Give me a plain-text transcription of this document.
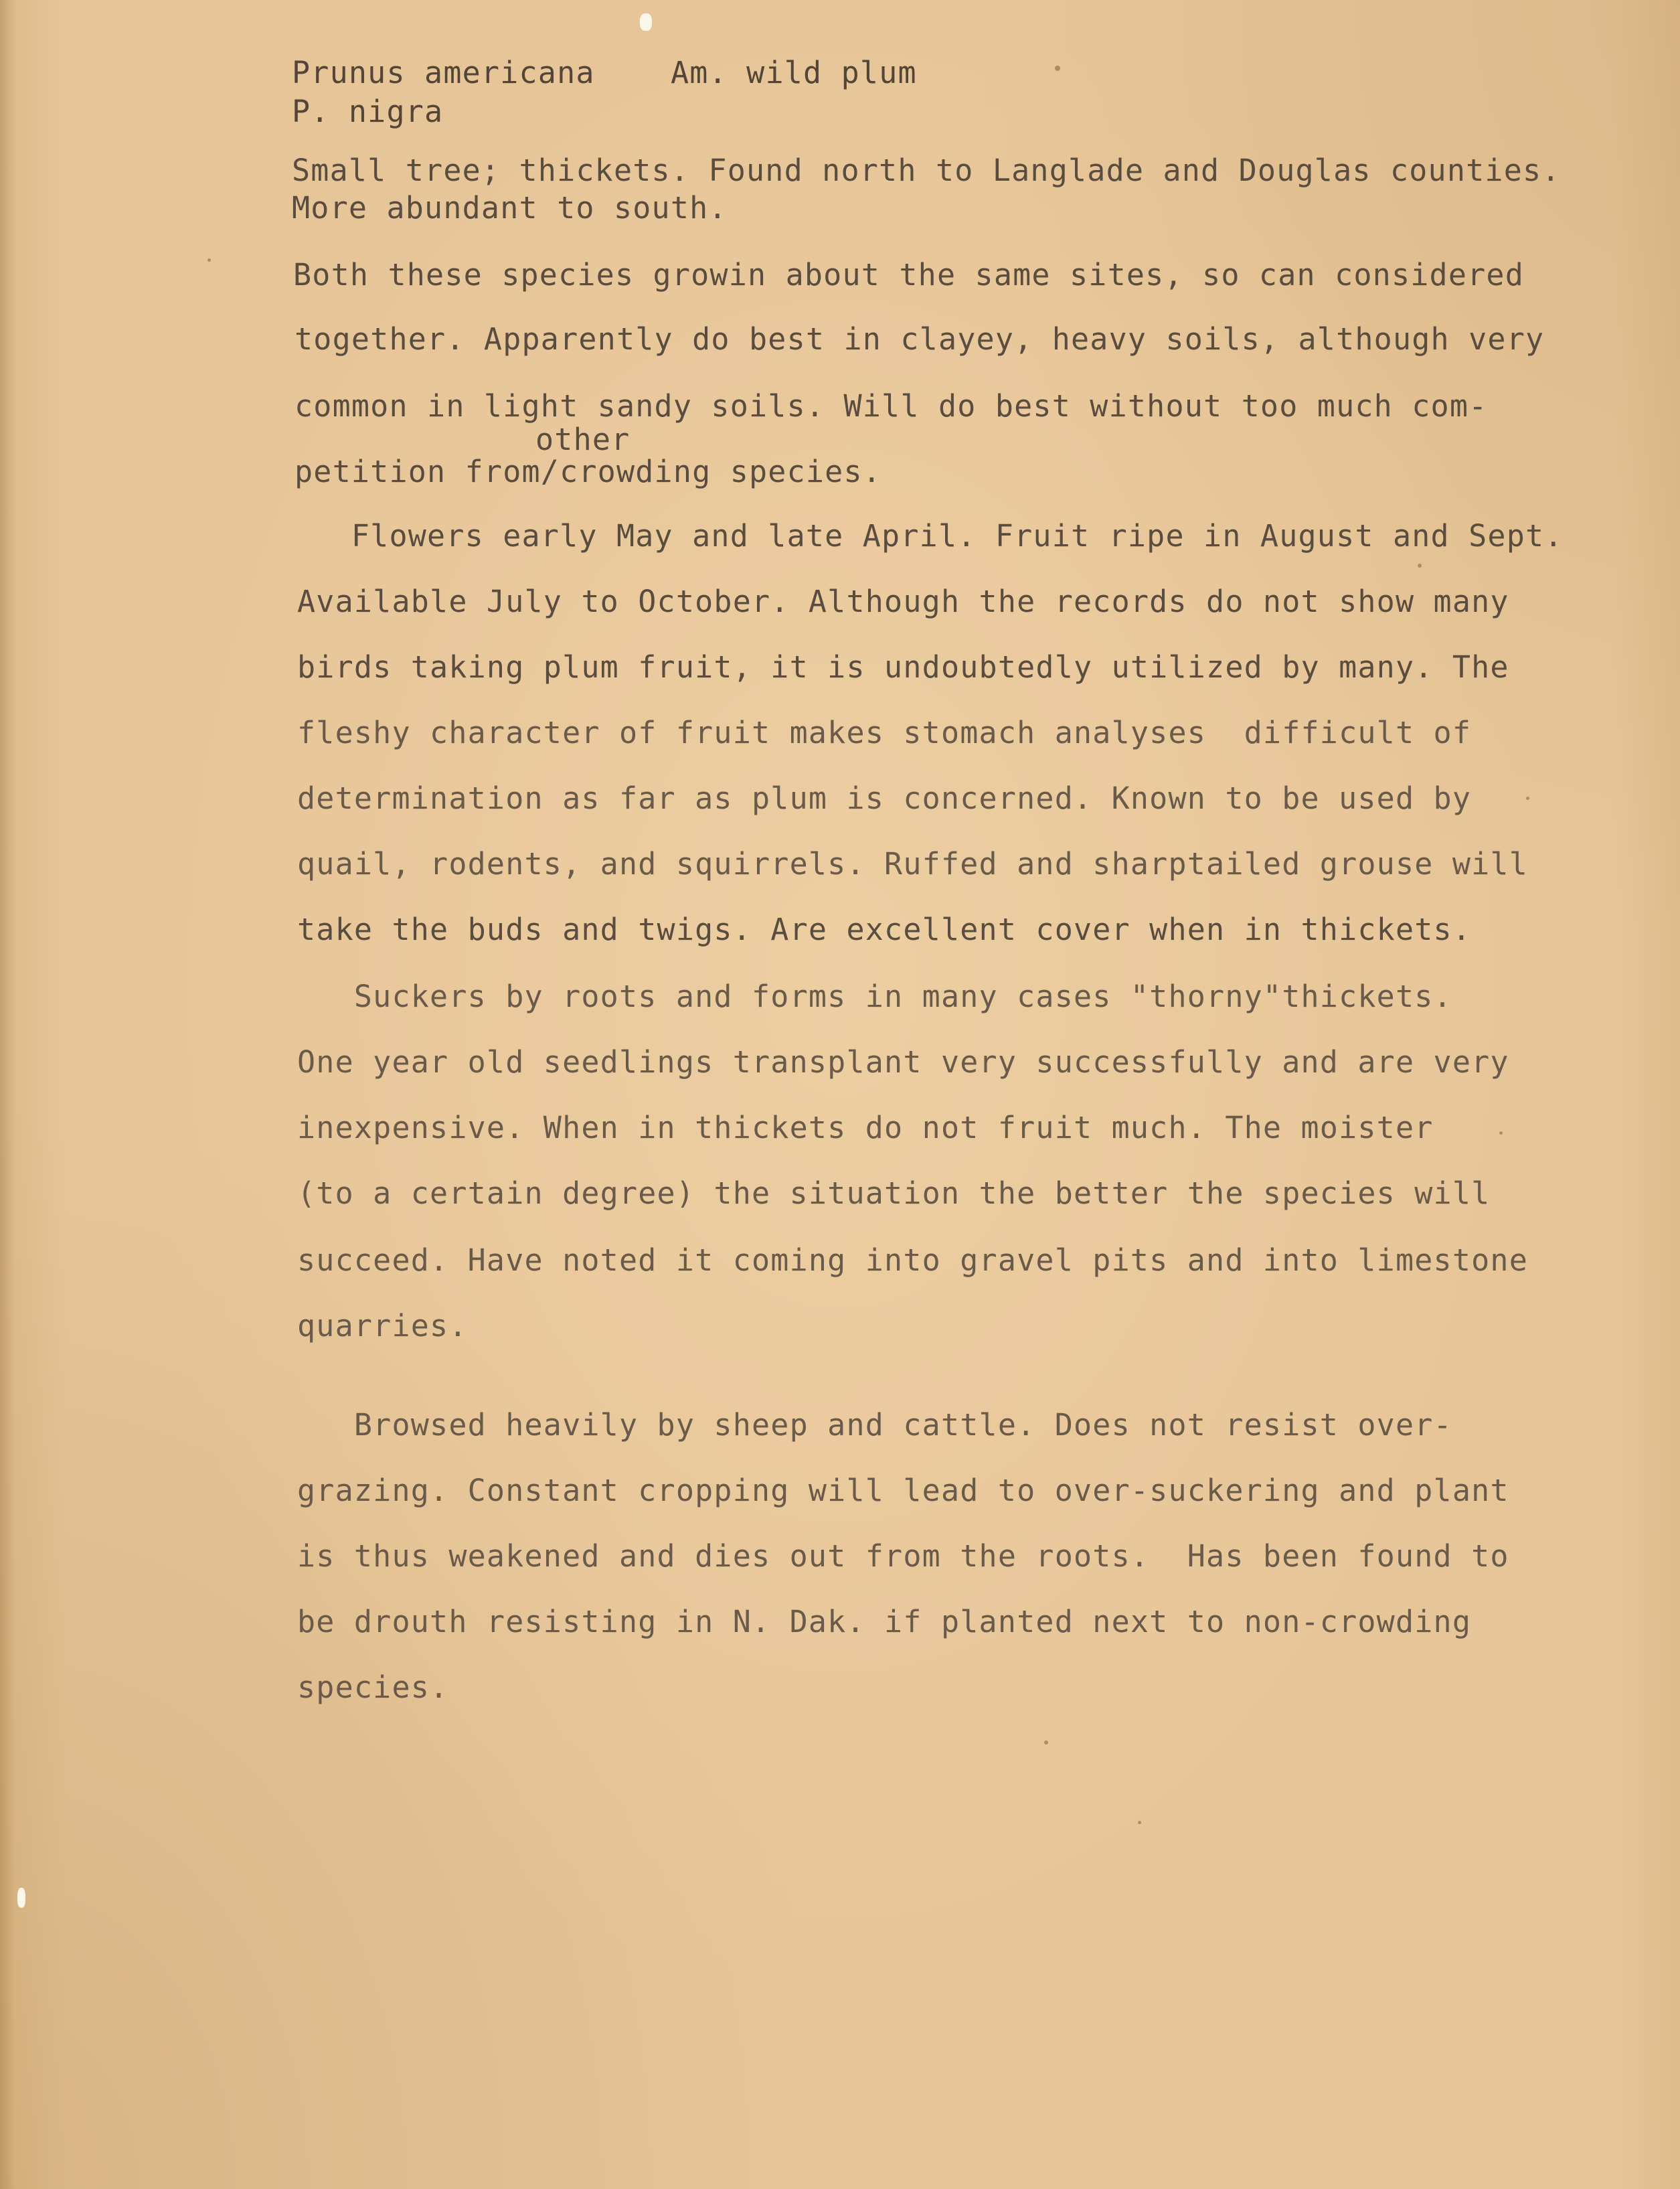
Prunus americana	Am. wild plum
P. nigra
Small tree; thickets. Found north to Langlade and Douglas counties.
More abundant to south.
Both these species growin about the same sites, so can considered
together. Apparently do best in clayey, heavy soils, although very
common in light sandy soils. Will do best without too much com-
other
petition from/crowding species.
Flowers early May and late April. Fruit ripe in August and Sept.
Available July to October. Although the records do not show many
birds taking plum fruit, it is undoubtedly utilized by many. The
fleshy character of fruit makes stomach analyses  difficult of
determination as far as plum is concerned. Known to be used by
quail, rodents, and squirrels. Ruffed and sharptailed grouse will
take the buds and twigs. Are excellent cover when in thickets.
Suckers by roots and forms in many cases "thorny"thickets.
One year old seedlings transplant very successfully and are very
inexpensive. When in thickets do not fruit much. The moister
(to a certain degree) the situation the better the species will
succeed. Have noted it coming into gravel pits and into limestone
quarries.
Browsed heavily by sheep and cattle. Does not resist over-
grazing. Constant cropping will lead to over-suckering and plant
is thus weakened and dies out from the roots.  Has been found to
be drouth resisting in N. Dak. if planted next to non-crowding
species.
